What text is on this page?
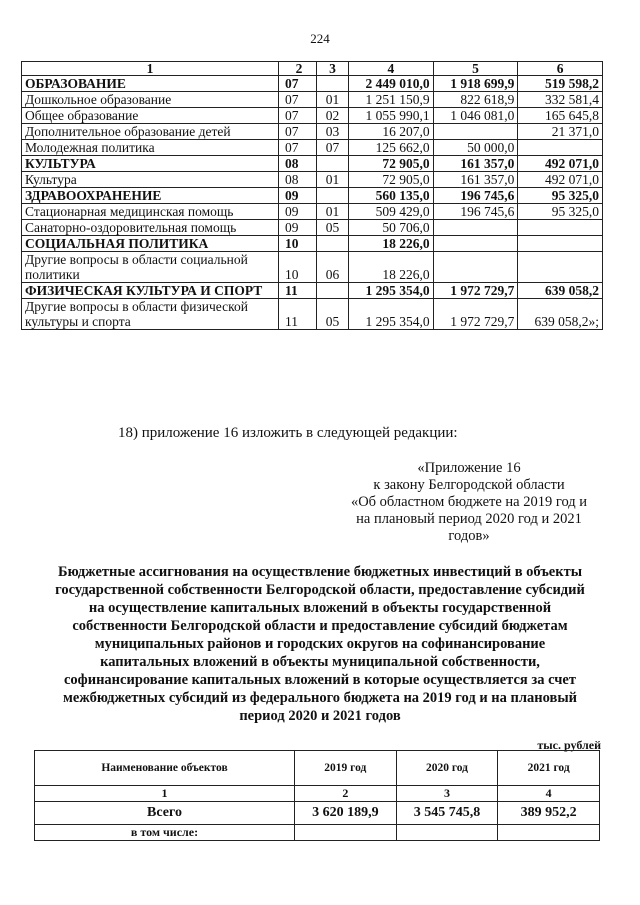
224
1	2	3	4	5	6
ОБРАЗОВАНИЕ	07		2 449 010,0	1 918 699,9	519 598,2
Дошкольное образование	07	01	1 251 150,9	822 618,9	332 581,4
Общее образование	07	02	1 055 990,1	1 046 081,0	165 645,8
Дополнительное образование детей	07	03	16 207,0		21 371,0
Молодежная политика	07	07	125 662,0	50 000,0	
КУЛЬТУРА	08		72 905,0	161 357,0	492 071,0
Культура	08	01	72 905,0	161 357,0	492 071,0
ЗДРАВООХРАНЕНИЕ	09		560 135,0	196 745,6	95 325,0
Стационарная медицинская помощь	09	01	509 429,0	196 745,6	95 325,0
Санаторно-оздоровительная помощь	09	05	50 706,0		
СОЦИАЛЬНАЯ ПОЛИТИКА	10		18 226,0		
Другие вопросы в области социальной политики	10	06	18 226,0		
ФИЗИЧЕСКАЯ КУЛЬТУРА И СПОРТ	11		1 295 354,0	1 972 729,7	639 058,2
Другие вопросы в области физической культуры и спорта	11	05	1 295 354,0	1 972 729,7	639 058,2»;
18) приложение 16 изложить в следующей редакции:
«Приложение 16
к закону Белгородской области
«Об областном бюджете на 2019 год и
на плановый период 2020 год и 2021
годов»
Бюджетные ассигнования на осуществление бюджетных инвестиций в объекты
государственной собственности Белгородской области, предоставление субсидий
на осуществление капитальных вложений в объекты государственной
собственности Белгородской области и предоставление субсидий бюджетам
муниципальных районов и городских округов на софинансирование
капитальных вложений в объекты муниципальной собственности,
софинансирование капитальных вложений в которые осуществляется за счет
межбюджетных субсидий из федерального бюджета на 2019 год и на плановый
период 2020 и 2021 годов
тыс. рублей
Наименование объектов	2019 год	2020 год	2021 год
1	2	3	4
Всего	3 620 189,9	3 545 745,8	389 952,2
в том числе:			
